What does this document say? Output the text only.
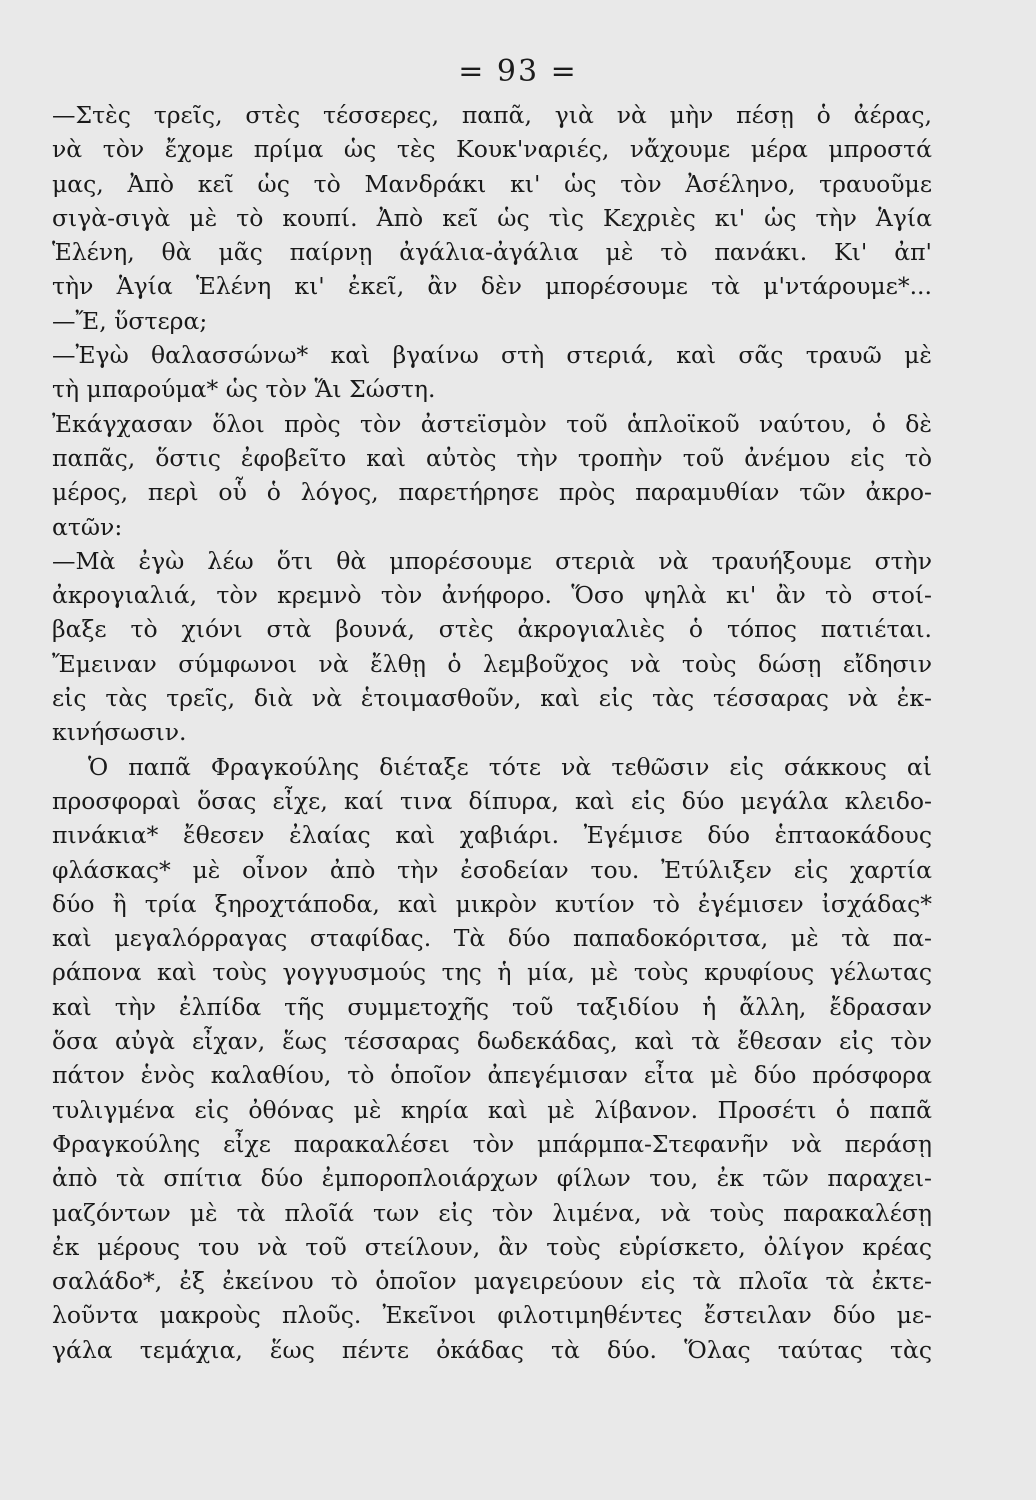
= 93 =
—Στὲς τρεῖς, στὲς τέσσερες, παπᾶ, γιὰ νὰ μὴν πέσῃ ὁ ἀέρας,
νὰ τὸν ἔχομε πρίμα ὡς τὲς Κουκ'ναριές, νἄχουμε μέρα μπροστά
μας, Ἀπὸ κεῖ ὡς τὸ Μανδράκι κι' ὡς τὸν Ἀσέληνο, τραυοῦμε
σιγὰ-σιγὰ μὲ τὸ κουπί. Ἀπὸ κεῖ ὡς τὶς Κεχριὲς κι' ὡς τὴν Ἁγία
Ἑλένη, θὰ μᾶς παίρνῃ ἀγάλια-ἀγάλια μὲ τὸ πανάκι. Κι' ἀπ'
τὴν Ἁγία Ἑλένη κι' ἐκεῖ, ἂν δὲν μπορέσουμε τὰ μ'ντάρουμε*...
—Ἔ, ὕστερα;
—Ἐγὼ θαλασσώνω* καὶ βγαίνω στὴ στεριά, καὶ σᾶς τραυῶ μὲ
τὴ μπαρούμα* ὡς τὸν Ἅι Σώστη.
Ἐκάγχασαν ὅλοι πρὸς τὸν ἀστεϊσμὸν τοῦ ἁπλοϊκοῦ ναύτου, ὁ δὲ
παπᾶς, ὅστις ἐφοβεῖτο καὶ αὐτὸς τὴν τροπὴν τοῦ ἀνέμου εἰς τὸ
μέρος, περὶ οὗ ὁ λόγος, παρετήρησε πρὸς παραμυθίαν τῶν ἀκρο-
ατῶν:
—Μὰ ἐγὼ λέω ὅτι θὰ μπορέσουμε στεριὰ νὰ τραυήξουμε στὴν
ἀκρογιαλιά, τὸν κρεμνὸ τὸν ἀνήφορο. Ὅσο ψηλὰ κι' ἂν τὸ στοί-
βαξε τὸ χιόνι στὰ βουνά, στὲς ἀκρογιαλιὲς ὁ τόπος πατιέται.
Ἔμειναν σύμφωνοι νὰ ἔλθῃ ὁ λεμβοῦχος νὰ τοὺς δώσῃ εἴδησιν
εἰς τὰς τρεῖς, διὰ νὰ ἑτοιμασθοῦν, καὶ εἰς τὰς τέσσαρας νὰ ἐκ-
κινήσωσιν.
Ὁ παπᾶ Φραγκούλης διέταξε τότε νὰ τεθῶσιν εἰς σάκκους αἱ
προσφοραὶ ὅσας εἶχε, καί τινα δίπυρα, καὶ εἰς δύο μεγάλα κλειδο-
πινάκια* ἔθεσεν ἐλαίας καὶ χαβιάρι. Ἐγέμισε δύο ἑπταοκάδους
φλάσκας* μὲ οἶνον ἀπὸ τὴν ἐσοδείαν του. Ἐτύλιξεν εἰς χαρτία
δύο ἢ τρία ξηροχτάποδα, καὶ μικρὸν κυτίον τὸ ἐγέμισεν ἰσχάδας*
καὶ μεγαλόρραγας σταφίδας. Τὰ δύο παπαδοκόριτσα, μὲ τὰ πα-
ράπονα καὶ τοὺς γογγυσμούς της ἡ μία, μὲ τοὺς κρυφίους γέλωτας
καὶ τὴν ἐλπίδα τῆς συμμετοχῆς τοῦ ταξιδίου ἡ ἄλλη, ἔδρασαν
ὅσα αὐγὰ εἶχαν, ἕως τέσσαρας δωδεκάδας, καὶ τὰ ἔθεσαν εἰς τὸν
πάτον ἑνὸς καλαθίου, τὸ ὁποῖον ἀπεγέμισαν εἶτα μὲ δύο πρόσφορα
τυλιγμένα εἰς ὀθόνας μὲ κηρία καὶ μὲ λίβανον. Προσέτι ὁ παπᾶ
Φραγκούλης εἶχε παρακαλέσει τὸν μπάρμπα-Στεφανῆν νὰ περάσῃ
ἀπὸ τὰ σπίτια δύο ἐμποροπλοιάρχων φίλων του, ἐκ τῶν παραχει-
μαζόντων μὲ τὰ πλοῖά των εἰς τὸν λιμένα, νὰ τοὺς παρακαλέσῃ
ἐκ μέρους του νὰ τοῦ στείλουν, ἂν τοὺς εὑρίσκετο, ὀλίγον κρέας
σαλάδο*, ἐξ ἐκείνου τὸ ὁποῖον μαγειρεύουν εἰς τὰ πλοῖα τὰ ἐκτε-
λοῦντα μακροὺς πλοῦς. Ἐκεῖνοι φιλοτιμηθέντες ἔστειλαν δύο με-
γάλα τεμάχια, ἕως πέντε ὀκάδας τὰ δύο. Ὅλας ταύτας τὰς
